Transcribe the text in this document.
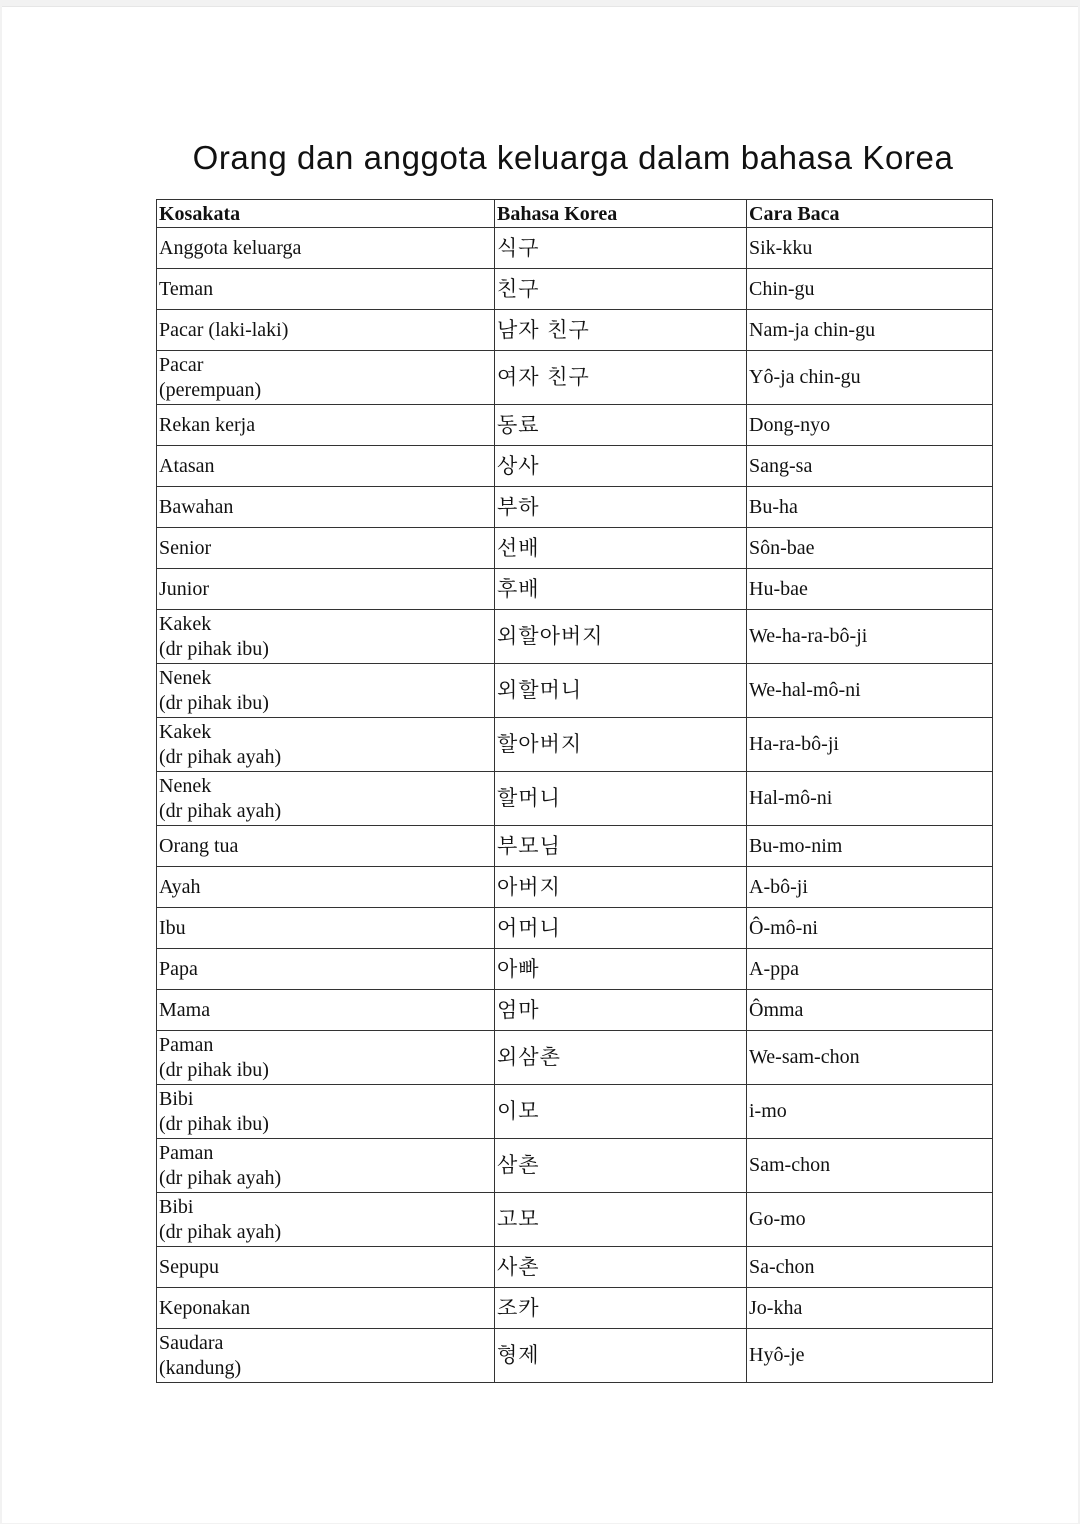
Orang dan anggota keluarga dalam bahasa Korea
Kosakata	Bahasa Korea	Cara Baca
Anggota keluarga	식구	Sik-kku
Teman	친구	Chin-gu
Pacar (laki-laki)	남자 친구	Nam-ja chin-gu
Pacar
(perempuan)	여자 친구	Yô-ja chin-gu
Rekan kerja	동료	Dong-nyo
Atasan	상사	Sang-sa
Bawahan	부하	Bu-ha
Senior	선배	Sôn-bae
Junior	후배	Hu-bae
Kakek
(dr pihak ibu)	외할아버지	We-ha-ra-bô-ji
Nenek
(dr pihak ibu)	외할머니	We-hal-mô-ni
Kakek
(dr pihak ayah)	할아버지	Ha-ra-bô-ji
Nenek
(dr pihak ayah)	할머니	Hal-mô-ni
Orang tua	부모님	Bu-mo-nim
Ayah	아버지	A-bô-ji
Ibu	어머니	Ô-mô-ni
Papa	아빠	A-ppa
Mama	엄마	Ômma
Paman
(dr pihak ibu)	외삼촌	We-sam-chon
Bibi
(dr pihak ibu)	이모	i-mo
Paman
(dr pihak ayah)	삼촌	Sam-chon
Bibi
(dr pihak ayah)	고모	Go-mo
Sepupu	사촌	Sa-chon
Keponakan	조카	Jo-kha
Saudara
(kandung)	형제	Hyô-je
